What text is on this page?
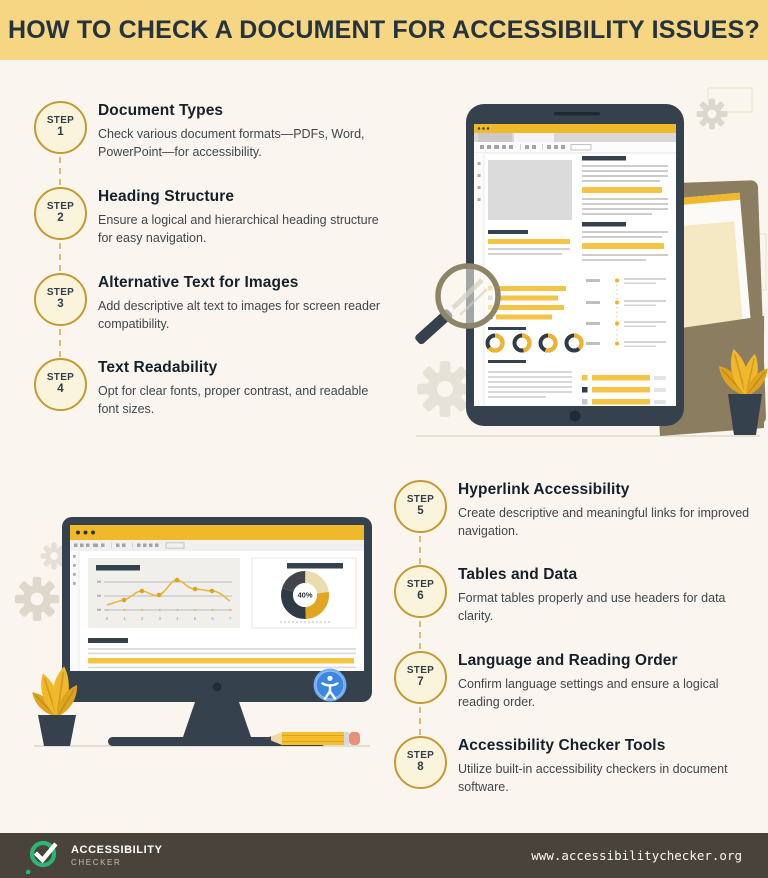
HOW TO CHECK A DOCUMENT FOR ACCESSIBILITY ISSUES?
STEP
1
Document Types

Check various document formats—PDFs, Word, PowerPoint—for accessibility.

STEP
2
Heading Structure

Ensure a logical and hierarchical heading structure for easy navigation.

STEP
3
Alternative Text for Images

Add descriptive alt text to images for screen reader compatibility.

STEP
4
Text Readability

Opt for clear fonts, proper contrast, and readable font sizes.

STEP
5
Hyperlink Accessibility

Create descriptive and meaningful links for improved navigation.

STEP
6
Tables and Data

Format tables properly and use headers for data clarity.

STEP
7
Language and Reading Order

Confirm language settings and ensure a logical reading order.

STEP
8
Accessibility Checker Tools

Utilize built-in accessibility checkers in document software.

0	1	2	3	4	5	6	7
40%
ACCESSIBILITY
CHECKER	www.accessibilitychecker.org
